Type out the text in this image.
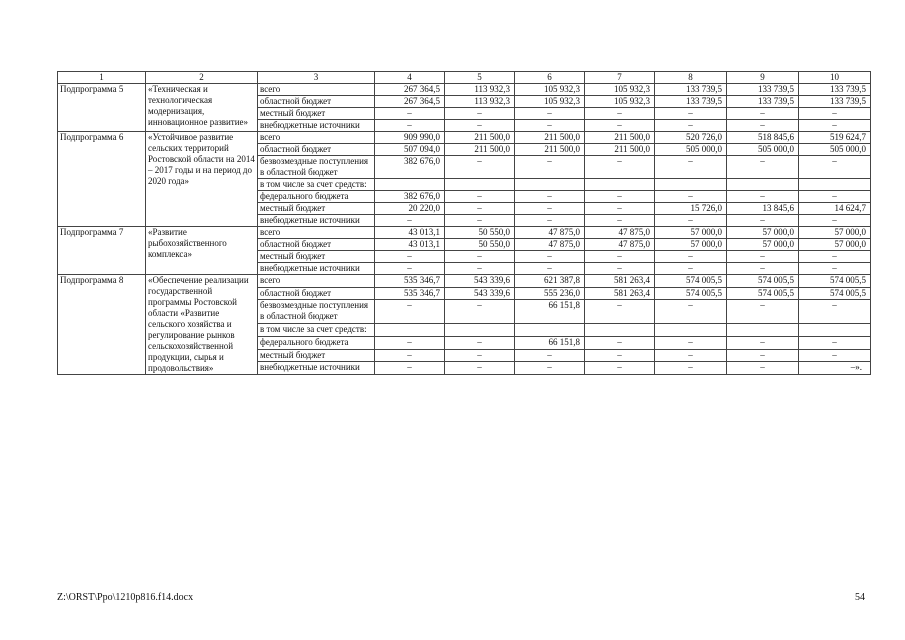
1	2	3	4	5	6	7	8	9	10
Подпрограмма 5	«Техническая и технологическая модернизация, инновационное развитие»	всего	267 364,5	113 932,3	105 932,3	105 932,3	133 739,5	133 739,5	133 739,5
		областной бюджет	267 364,5	113 932,3	105 932,3	105 932,3	133 739,5	133 739,5	133 739,5
		местный бюджет	–	–	–	–	–	–	–
		внебюджетные источники	–	–	–	–	–	–	–
Подпрограмма 6	«Устойчивое развитие сельских территорий Ростовской области на 2014 – 2017 годы и на период до 2020 года»	всего	909 990,0	211 500,0	211 500,0	211 500,0	520 726,0	518 845,6	519 624,7
		областной бюджет	507 094,0	211 500,0	211 500,0	211 500,0	505 000,0	505 000,0	505 000,0
		безвозмездные поступления в областной бюджет	382 676,0	–	–	–	–	–	–
		в том числе за счет средств:							
		федерального бюджета	382 676,0	–	–	–	–	–	–
		местный бюджет	20 220,0	–	–	–	15 726,0	13 845,6	14 624,7
		внебюджетные источники	–	–	–	–	–	–	–
Подпрограмма 7	«Развитие рыбохозяйственного комплекса»	всего	43 013,1	50 550,0	47 875,0	47 875,0	57 000,0	57 000,0	57 000,0
		областной бюджет	43 013,1	50 550,0	47 875,0	47 875,0	57 000,0	57 000,0	57 000,0
		местный бюджет	–	–	–	–	–	–	–
		внебюджетные источники	–	–	–	–	–	–	–
Подпрограмма 8	«Обеспечение реализации государственной программы Ростовской области «Развитие сельского хозяйства и регулирование рынков сельскохозяйственной продукции, сырья и продовольствия»	всего	535 346,7	543 339,6	621 387,8	581 263,4	574 005,5	574 005,5	574 005,5
		областной бюджет	535 346,7	543 339,6	555 236,0	581 263,4	574 005,5	574 005,5	574 005,5
		безвозмездные поступления в областной бюджет	–	–	66 151,8	–	–	–	–
		в том числе за счет средств:							
		федерального бюджета	–	–	66 151,8	–	–	–	–
		местный бюджет	–	–	–	–	–	–	–
		внебюджетные источники	–	–	–	–	–	–	–».
Z:\ORST\Ppo\1210p816.f14.docx	54
